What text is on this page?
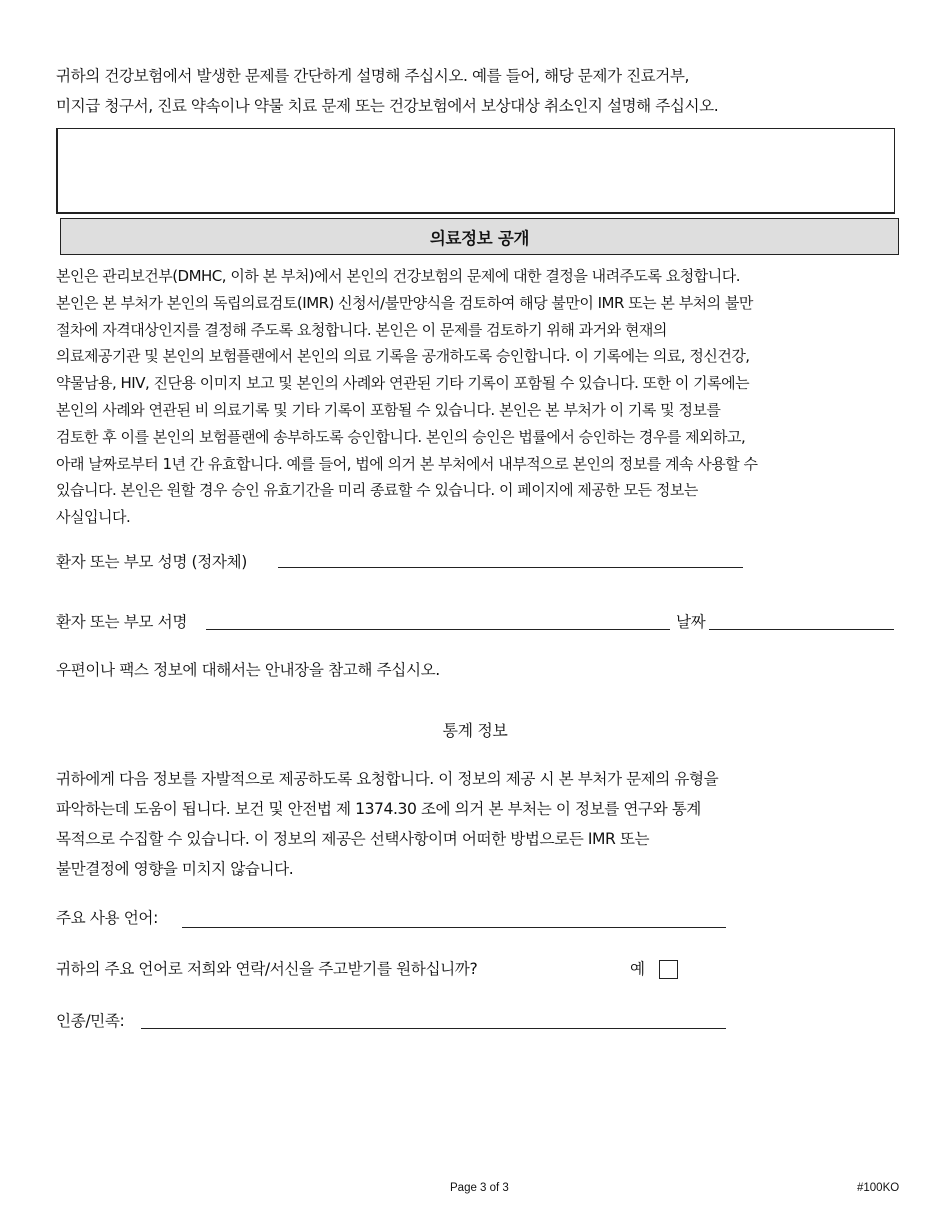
귀하의 건강보험에서 발생한 문제를 간단하게 설명해 주십시오. 예를 들어, 해당 문제가 진료거부,
미지급 청구서, 진료 약속이나 약물 치료 문제 또는 건강보험에서 보상대상 취소인지 설명해 주십시오.
의료정보 공개
본인은 관리보건부(DMHC, 이하 본 부처)에서 본인의 건강보험의 문제에 대한 결정을 내려주도록 요청합니다.
본인은 본 부처가 본인의 독립의료검토(IMR) 신청서/불만양식을 검토하여 해당 불만이 IMR 또는 본 부처의 불만
절차에 자격대상인지를 결정해 주도록 요청합니다. 본인은 이 문제를 검토하기 위해 과거와 현재의
의료제공기관 및 본인의 보험플랜에서 본인의 의료 기록을 공개하도록 승인합니다. 이 기록에는 의료, 정신건강,
약물남용, HIV, 진단용 이미지 보고 및 본인의 사례와 연관된 기타 기록이 포함될 수 있습니다. 또한 이 기록에는
본인의 사례와 연관된 비 의료기록 및 기타 기록이 포함될 수 있습니다. 본인은 본 부처가 이 기록 및 정보를
검토한 후 이를 본인의 보험플랜에 송부하도록 승인합니다. 본인의 승인은 법률에서 승인하는 경우를 제외하고,
아래 날짜로부터 1년 간 유효합니다. 예를 들어, 법에 의거 본 부처에서 내부적으로 본인의 정보를 계속 사용할 수
있습니다. 본인은 원할 경우 승인 유효기간을 미리 종료할 수 있습니다. 이 페이지에 제공한 모든 정보는
사실입니다.
환자 또는 부모 성명 (정자체)
환자 또는 부모 서명	날짜
우편이나 팩스 정보에 대해서는 안내장을 참고해 주십시오.
통계 정보
귀하에게 다음 정보를 자발적으로 제공하도록 요청합니다. 이 정보의 제공 시 본 부처가 문제의 유형을
파악하는데 도움이 됩니다. 보건 및 안전법 제 1374.30 조에 의거 본 부처는 이 정보를 연구와 통계
목적으로 수집할 수 있습니다. 이 정보의 제공은 선택사항이며 어떠한 방법으로든 IMR 또는
불만결정에 영향을 미치지 않습니다.
주요 사용 언어:
귀하의 주요 언어로 저희와 연락/서신을 주고받기를 원하십니까?	예
인종/민족:
Page 3 of 3	#100KO
